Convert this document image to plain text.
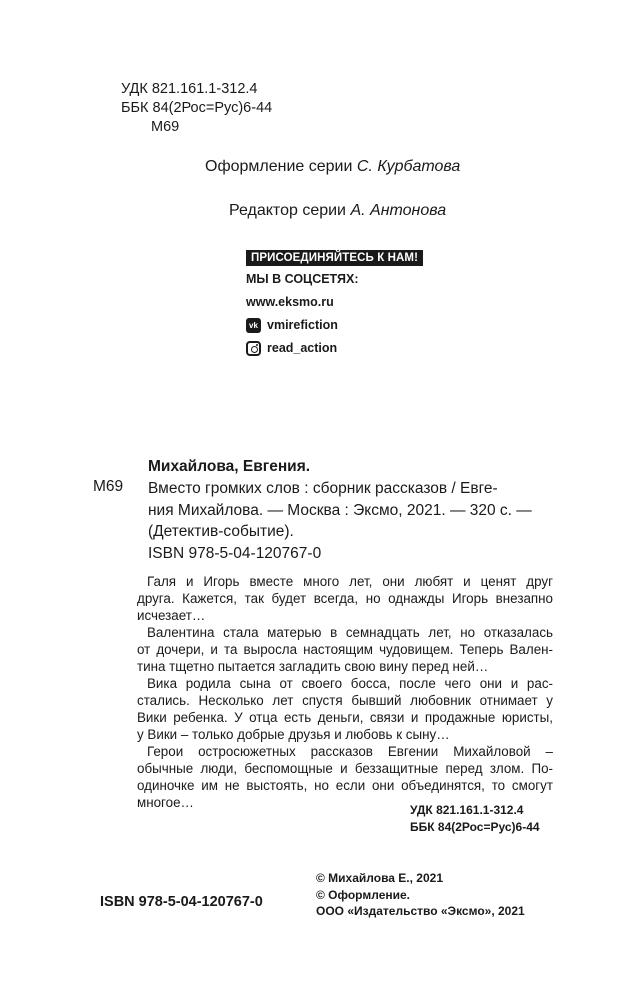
УДК 821.161.1-312.4
ББК 84(2Рос=Рус)6-44
М69
Оформление серии С. Курбатова
Редактор серии А. Антонова
ПРИСОЕДИНЯЙТЕСЬ К НАМ!
МЫ В СОЦСЕТЯХ:
www.eksmo.ru
vk vmirefiction
read_action
Михайлова, Евгения.
М69 Вместо громких слов : сборник рассказов / Евге-
ния Михайлова. — Москва : Эксмо, 2021. — 320 с. —
(Детектив-событие).
ISBN 978-5-04-120767-0

Галя и Игорь вместе много лет, они любят и ценят друг
друга. Кажется, так будет всегда, но однажды Игорь внезапно
исчезает…

Валентина стала матерью в семнадцать лет, но отказалась
от дочери, и та выросла настоящим чудовищем. Теперь Вален-
тина тщетно пытается загладить свою вину перед ней…

Вика родила сына от своего босса, после чего они и рас-
стались. Несколько лет спустя бывший любовник отнимает у
Вики ребенка. У отца есть деньги, связи и продажные юристы,
у Вики – только добрые друзья и любовь к сыну…

Герои остросюжетных рассказов Евгении Михайловой –
обычные люди, беспомощные и беззащитные перед злом. По-
одиночке им не выстоять, но если они объединятся, то смогут
многое…	УДК 821.161.1-312.4
ББК 84(2Рос=Рус)6-44
ISBN 978-5-04-120767-0
© Михайлова Е., 2021
© Оформление.
ООО «Издательство «Эксмо», 2021
